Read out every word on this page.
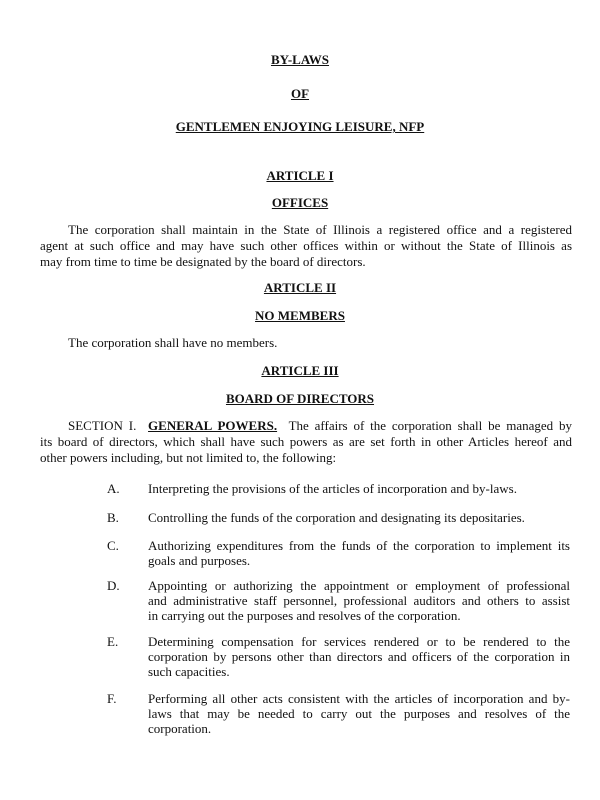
BY-LAWS
OF
GENTLEMEN ENJOYING LEISURE, NFP
ARTICLE I
OFFICES
The corporation shall maintain in the State of Illinois a registered office and a registered
agent at such office and may have such other offices within or without the State of Illinois as
may from time to time be designated by the board of directors.
ARTICLE II
NO MEMBERS
The corporation shall have no members.
ARTICLE III
BOARD OF DIRECTORS
SECTION I. GENERAL POWERS. The affairs of the corporation shall be managed by
its board of directors, which shall have such powers as are set forth in other Articles hereof and
other powers including, but not limited to, the following:
A. Interpreting the provisions of the articles of incorporation and by-laws.
B. Controlling the funds of the corporation and designating its depositaries.
C. Authorizing expenditures from the funds of the corporation to implement its
goals and purposes.
D. Appointing or authorizing the appointment or employment of professional
and administrative staff personnel, professional auditors and others to assist
in carrying out the purposes and resolves of the corporation.
E. Determining compensation for services rendered or to be rendered to the
corporation by persons other than directors and officers of the corporation in
such capacities.
F. Performing all other acts consistent with the articles of incorporation and by-
laws that may be needed to carry out the purposes and resolves of the
corporation.
